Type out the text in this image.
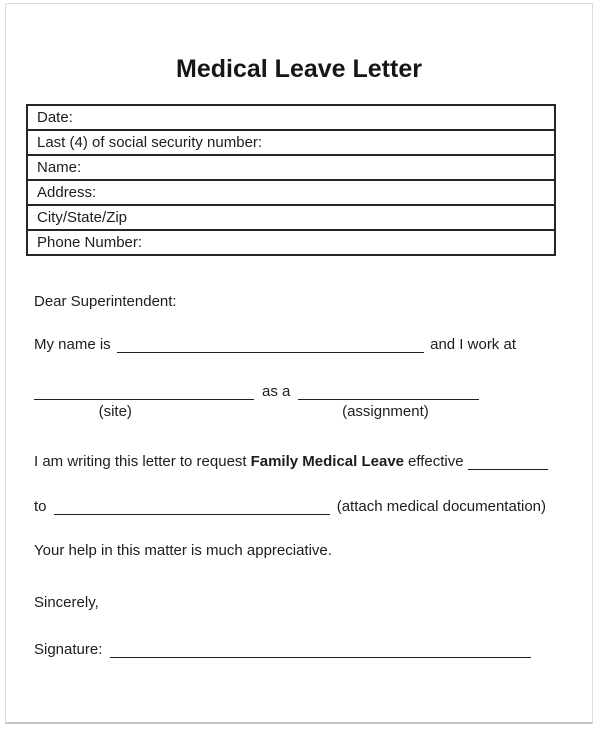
Medical Leave Letter
Date:
Last (4) of social security number:
Name:
Address:
City/State/Zip
Phone Number:
Dear Superintendent:
My name is	and I work at
as a
(site)	(assignment)
I am writing this letter to request Family Medical Leave effective
to	(attach medical documentation)
Your help in this matter is much appreciative.
Sincerely,
Signature:
